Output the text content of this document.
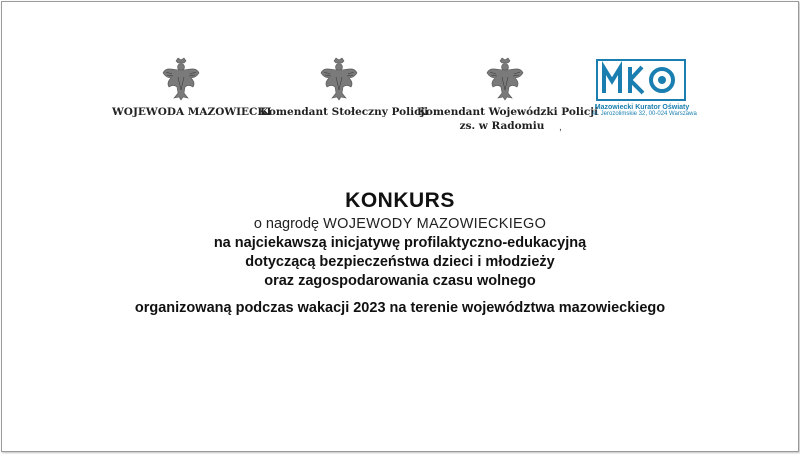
WOJEWODA MAZOWIECKI
Komendant Stołeczny Policji
Komendant Wojewódzki Policji
zs. w Radomiu	,
Mazowiecki Kurator Oświaty
Al. Jerozolimskie 32, 00-024 Warszawa
KONKURS
o nagrodę WOJEWODY MAZOWIECKIEGO
na najciekawszą inicjatywę profilaktyczno-edukacyjną
dotyczącą bezpieczeństwa dzieci i młodzieży
oraz zagospodarowania czasu wolnego
organizowaną podczas wakacji 2023 na terenie województwa mazowieckiego
